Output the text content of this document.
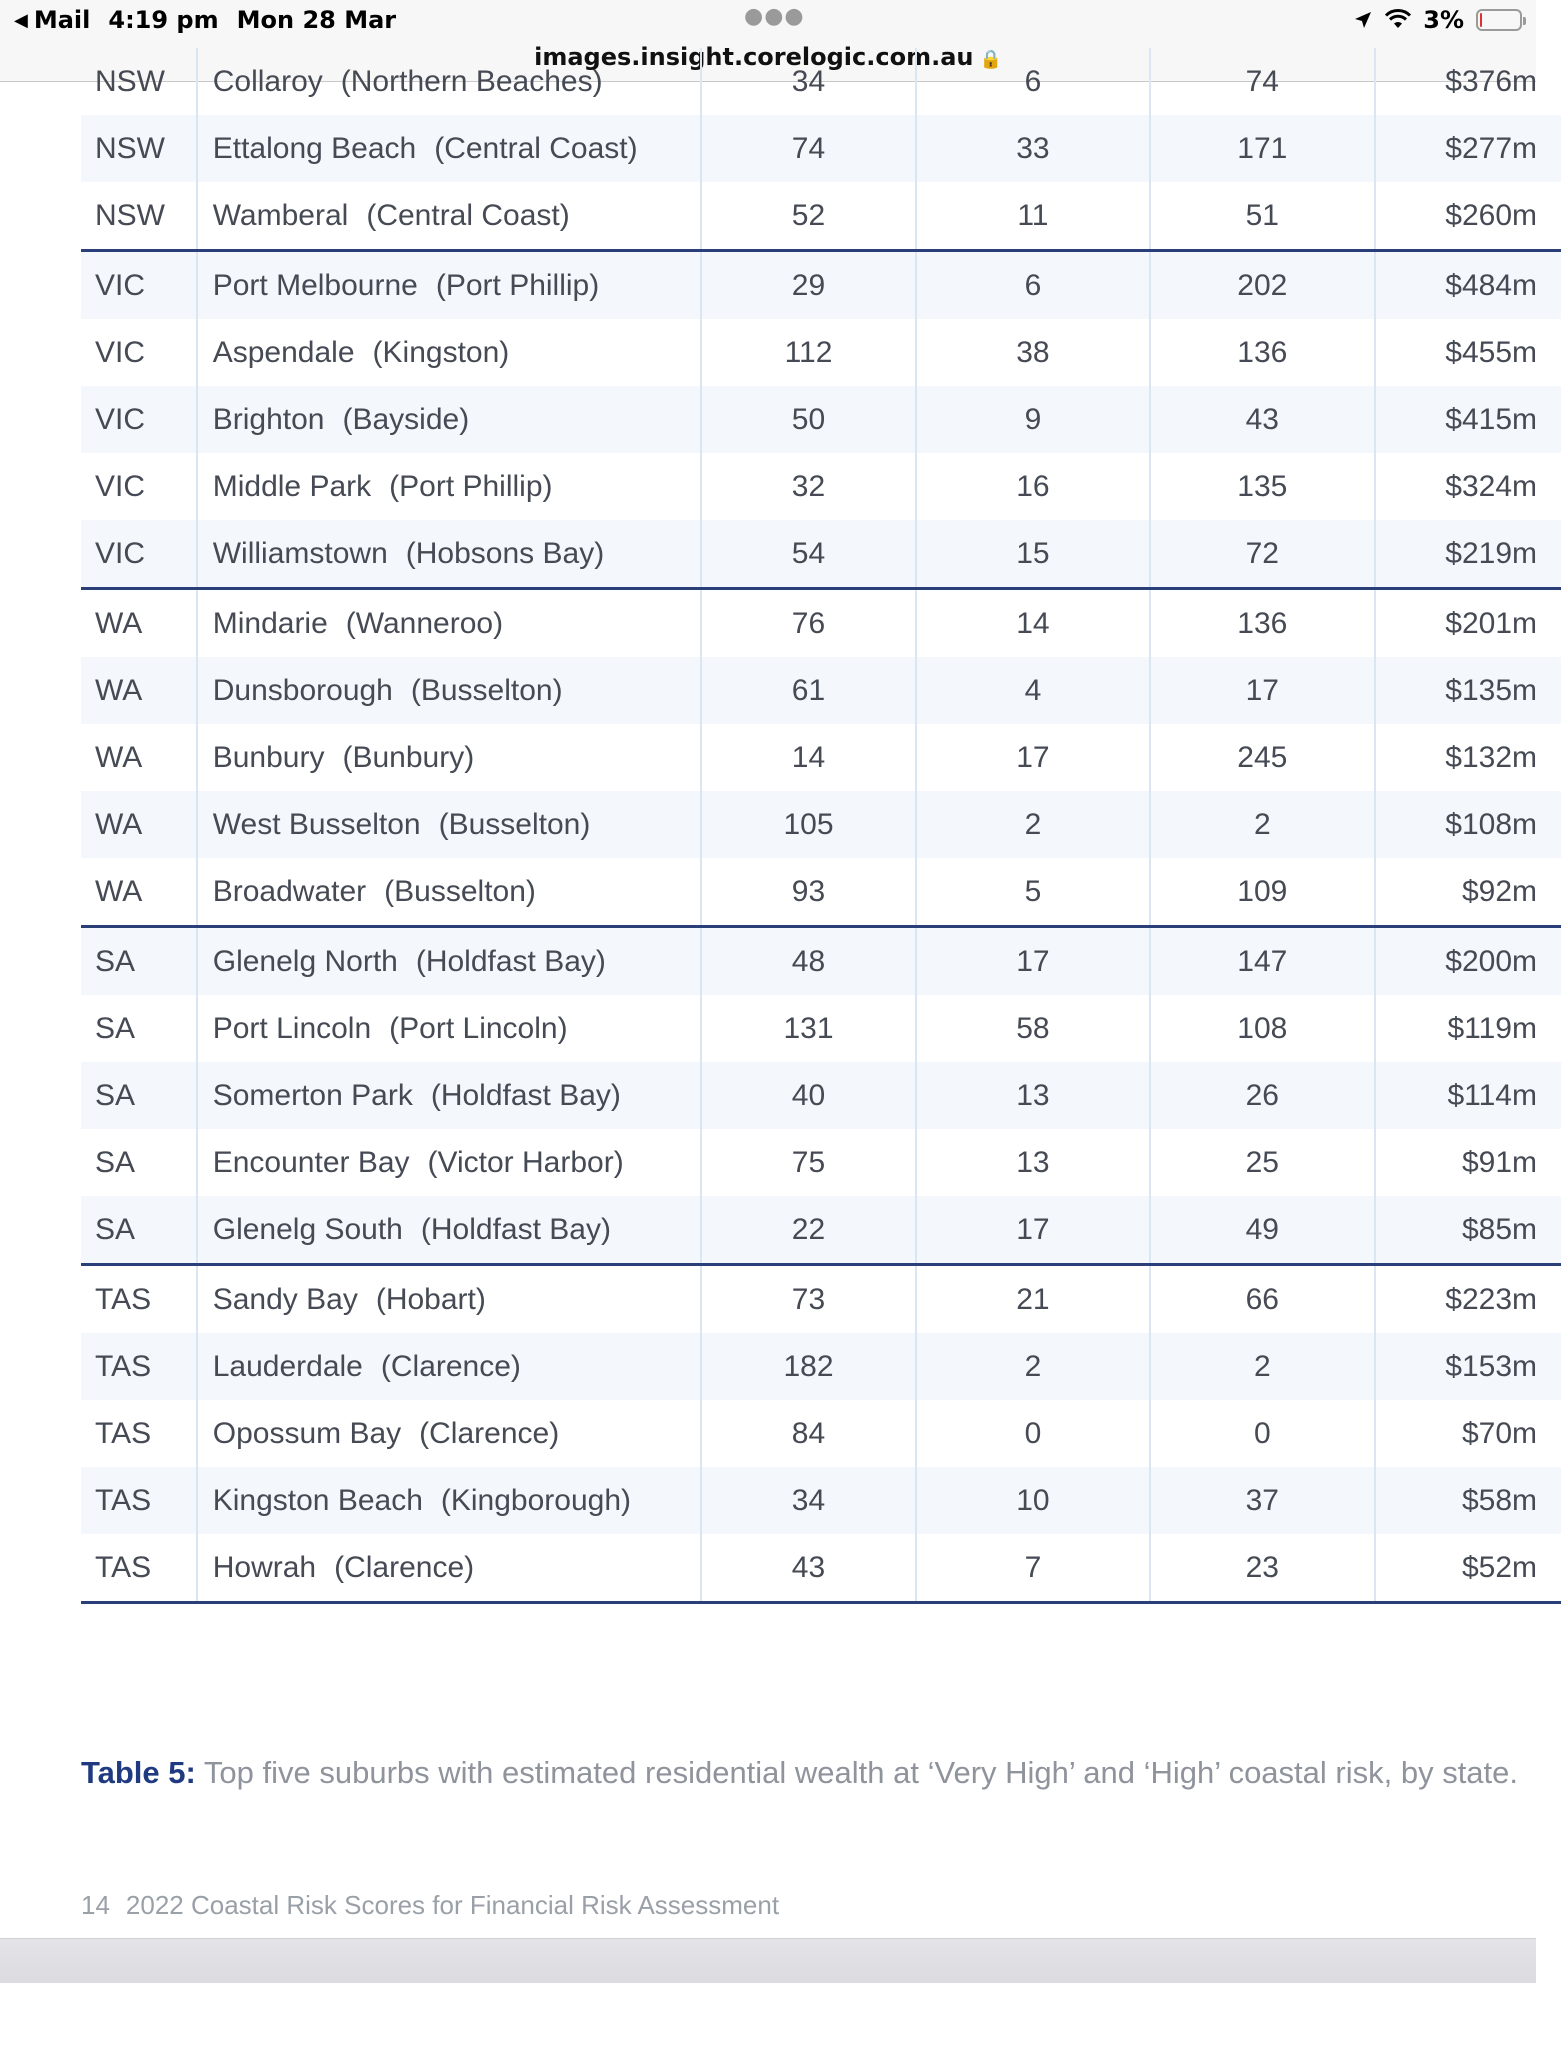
◀ Mail 4:19 pm Mon 28 Mar	●●●	3%
images.insight.corelogic.com.au 🔒
NSW	Collaroy (Northern Beaches)	34	6	74	$376m
NSW	Ettalong Beach (Central Coast)	74	33	171	$277m
NSW	Wamberal (Central Coast)	52	11	51	$260m
VIC	Port Melbourne (Port Phillip)	29	6	202	$484m
VIC	Aspendale (Kingston)	112	38	136	$455m
VIC	Brighton (Bayside)	50	9	43	$415m
VIC	Middle Park (Port Phillip)	32	16	135	$324m
VIC	Williamstown (Hobsons Bay)	54	15	72	$219m
WA	Mindarie (Wanneroo)	76	14	136	$201m
WA	Dunsborough (Busselton)	61	4	17	$135m
WA	Bunbury (Bunbury)	14	17	245	$132m
WA	West Busselton (Busselton)	105	2	2	$108m
WA	Broadwater (Busselton)	93	5	109	$92m
SA	Glenelg North (Holdfast Bay)	48	17	147	$200m
SA	Port Lincoln (Port Lincoln)	131	58	108	$119m
SA	Somerton Park (Holdfast Bay)	40	13	26	$114m
SA	Encounter Bay (Victor Harbor)	75	13	25	$91m
SA	Glenelg South (Holdfast Bay)	22	17	49	$85m
TAS	Sandy Bay (Hobart)	73	21	66	$223m
TAS	Lauderdale (Clarence)	182	2	2	$153m
TAS	Opossum Bay (Clarence)	84	0	0	$70m
TAS	Kingston Beach (Kingborough)	34	10	37	$58m
TAS	Howrah (Clarence)	43	7	23	$52m
Table 5: Top five suburbs with estimated residential wealth at ‘Very High’ and ‘High’ coastal risk, by state.
14 2022 Coastal Risk Scores for Financial Risk Assessment
